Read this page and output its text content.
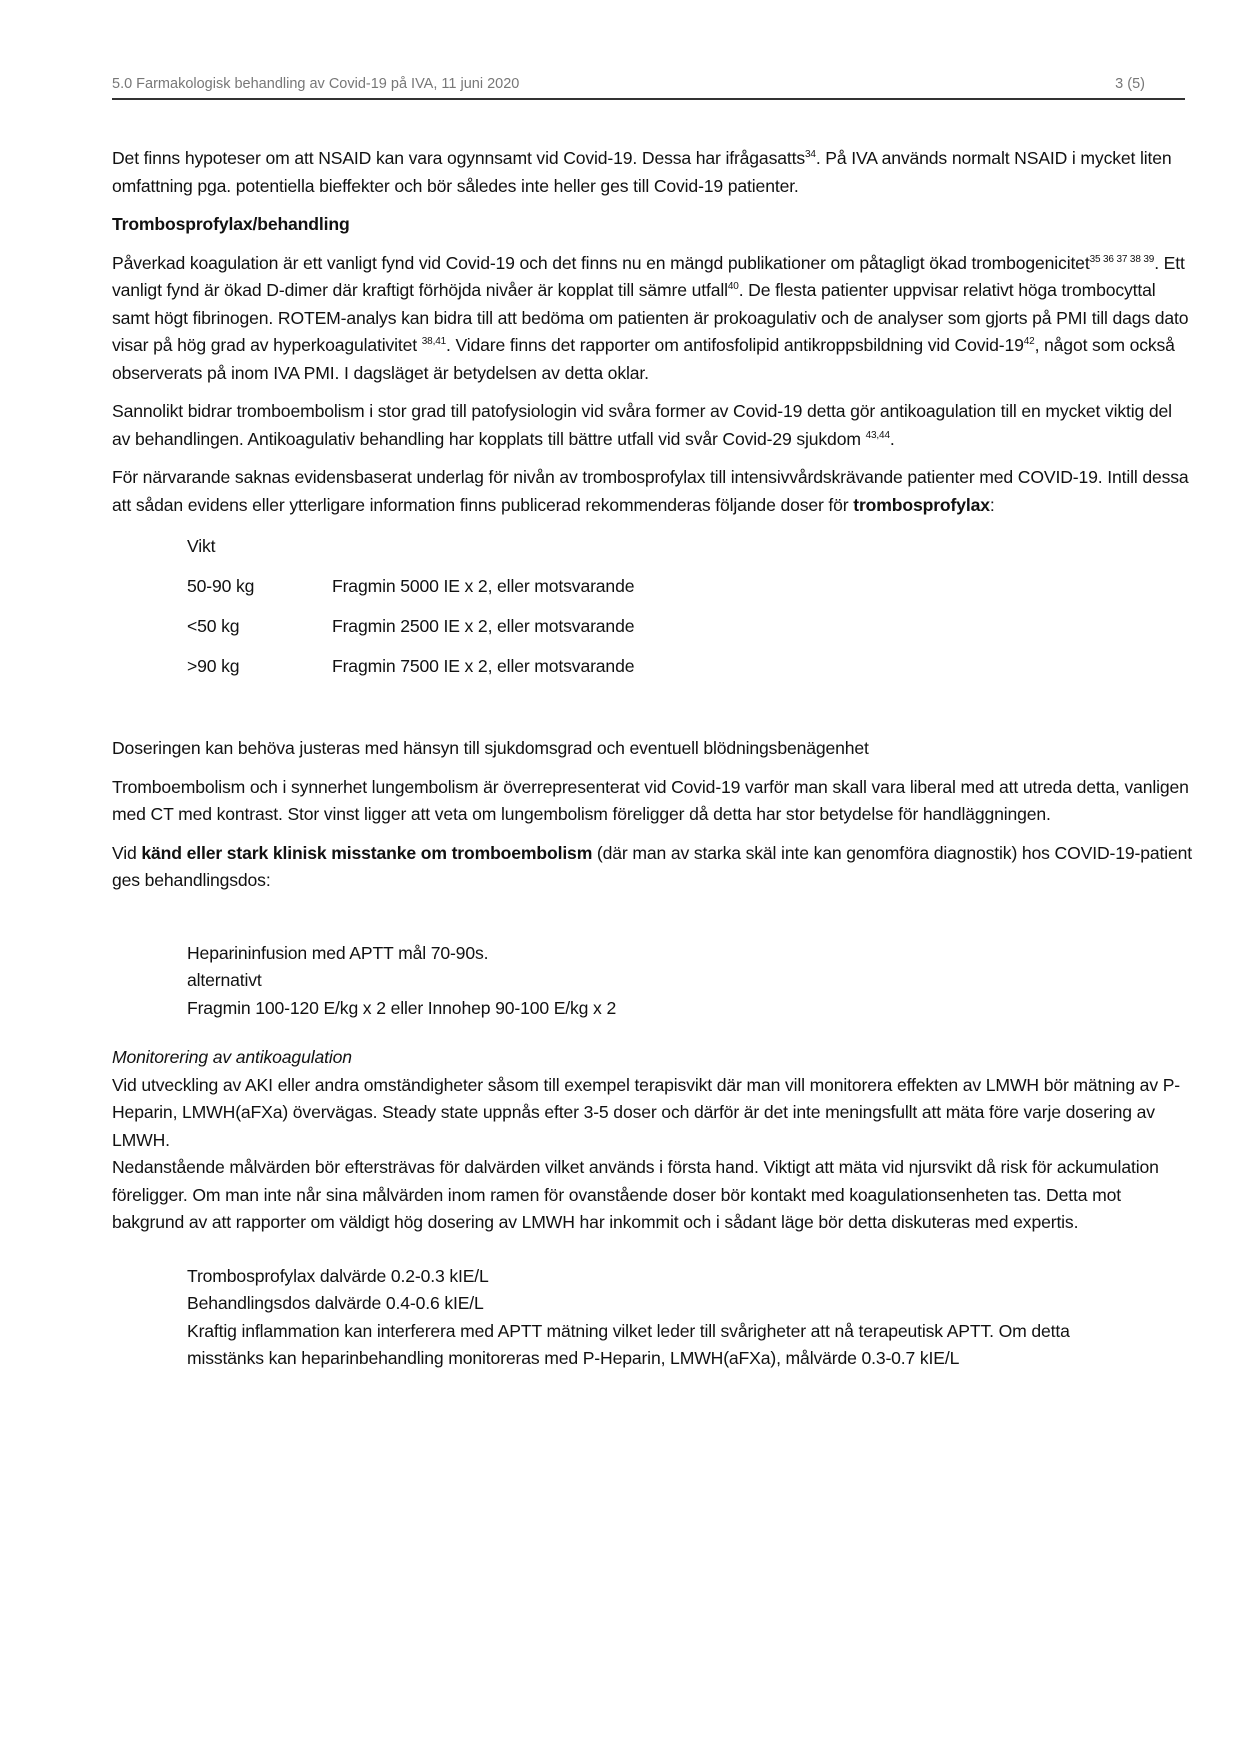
5.0 Farmakologisk behandling av Covid-19 på IVA, 11 juni 2020	3 (5)

Det finns hypoteser om att NSAID kan vara ogynnsamt vid Covid-19. Dessa har ifrågasatts$^{34}$. På IVA används normalt NSAID i mycket liten omfattning pga. potentiella bieffekter och bör således inte heller ges till Covid-19 patienter.

Trombosprofylax/behandling

Påverkad koagulation är ett vanligt fynd vid Covid-19 och det finns nu en mängd publikationer om påtagligt ökad trombogenicitet$^{35 36 37 38 39}$. Ett vanligt fynd är ökad D-dimer där kraftigt förhöjda nivåer är kopplat till sämre utfall$^{40}$. De flesta patienter uppvisar relativt höga trombocyttal samt högt fibrinogen. ROTEM-analys kan bidra till att bedöma om patienten är prokoagulativ och de analyser som gjorts på PMI till dags dato visar på hög grad av hyperkoagulativitet $^{38,41}$. Vidare finns det rapporter om antifosfolipid antikroppsbildning vid Covid-$19^{42}$, något som också observerats på inom IVA PMI. I dagsläget är betydelsen av detta oklar.

Sannolikt bidrar tromboembolism i stor grad till patofysiologin vid svåra former av Covid-19 detta gör antikoagulation till en mycket viktig del av behandlingen. Antikoagulativ behandling har kopplats till bättre utfall vid svår Covid-29 sjukdom $^{43,44}$.

För närvarande saknas evidensbaserat underlag för nivån av trombosprofylax till intensivvårdskrävande patienter med COVID-19. Intill dessa att sådan evidens eller ytterligare information finns publicerad rekommenderas följande doser för trombosprofylax:

Vikt
50-90 kg	Fragmin 5000 IE x 2, eller motsvarande
<50 kg	Fragmin 2500 IE x 2, eller motsvarande
>90 kg	Fragmin 7500 IE x 2, eller motsvarande

Doseringen kan behöva justeras med hänsyn till sjukdomsgrad och eventuell blödningsbenägenhet

Tromboembolism och i synnerhet lungembolism är överrepresenterat vid Covid-19 varför man skall vara liberal med att utreda detta, vanligen med CT med kontrast. Stor vinst ligger att veta om lungembolism föreligger då detta har stor betydelse för handläggningen.

Vid känd eller stark klinisk misstanke om tromboembolism (där man av starka skäl inte kan genomföra diagnostik) hos COVID-19-patient ges behandlingsdos:

Heparininfusion med APTT mål 70-90s.
alternativt
Fragmin 100-120 E/kg x 2 eller Innohep 90-100 E/kg x 2
Monitorering av antikoagulation
Vid utveckling av AKI eller andra omständigheter såsom till exempel terapisvikt där man vill monitorera effekten av LMWH bör mätning av P-Heparin, LMWH(aFXa) övervägas. Steady state uppnås efter 3-5 doser och därför är det inte meningsfullt att mäta före varje dosering av LMWH.
Nedanstående målvärden bör eftersträvas för dalvärden vilket används i första hand. Viktigt att mäta vid njursvikt då risk för ackumulation föreligger. Om man inte når sina målvärden inom ramen för ovanstående doser bör kontakt med koagulationsenheten tas. Detta mot bakgrund av att rapporter om väldigt hög dosering av LMWH har inkommit och i sådant läge bör detta diskuteras med expertis.
Trombosprofylax dalvärde 0.2-0.3 kIE/L
Behandlingsdos dalvärde 0.4-0.6 kIE/L
Kraftig inflammation kan interferera med APTT mätning vilket leder till svårigheter att nå terapeutisk APTT. Om detta misstänks kan heparinbehandling monitoreras med P-Heparin, LMWH(aFXa), målvärde 0.3-0.7 kIE/L
